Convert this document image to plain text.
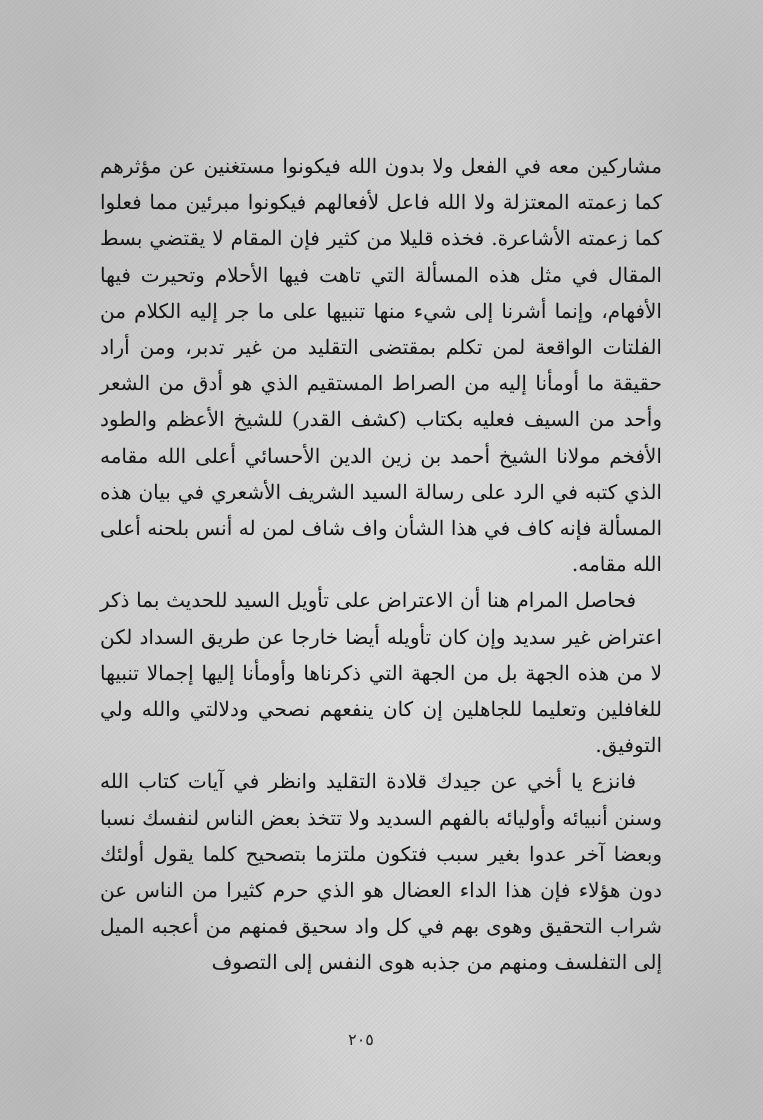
مشاركين معه في الفعل ولا بدون الله فيكونوا مستغنين عن مؤثرهم كما زعمته المعتزلة ولا الله فاعل لأفعالهم فيكونوا مبرئين مما فعلوا كما زعمته الأشاعرة. فخذه قليلا من كثير فإن المقام لا يقتضي بسط المقال في مثل هذه المسألة التي تاهت فيها الأحلام وتحيرت فيها الأفهام، وإنما أشرنا إلى شيء منها تنبيها على ما جر إليه الكلام من الفلتات الواقعة لمن تكلم بمقتضى التقليد من غير تدبر، ومن أراد حقيقة ما أومأنا إليه من الصراط المستقيم الذي هو أدق من الشعر وأحد من السيف فعليه بكتاب (كشف القدر) للشيخ الأعظم والطود الأفخم مولانا الشيخ أحمد بن زين الدين الأحسائي أعلى الله مقامه الذي كتبه في الرد على رسالة السيد الشريف الأشعري في بيان هذه المسألة فإنه كاف في هذا الشأن واف شاف لمن له أنس بلحنه أعلى الله مقامه.

فحاصل المرام هنا أن الاعتراض على تأويل السيد للحديث بما ذكر اعتراض غير سديد وإن كان تأويله أيضا خارجا عن طريق السداد لكن لا من هذه الجهة بل من الجهة التي ذكرناها وأومأنا إليها إجمالا تنبيها للغافلين وتعليما للجاهلين إن كان ينفعهم نصحي ودلالتي والله ولي التوفيق.

فانزع يا أخي عن جيدك قلادة التقليد وانظر في آيات كتاب الله وسنن أنبيائه وأوليائه بالفهم السديد ولا تتخذ بعض الناس لنفسك نسبا وبعضا آخر عدوا بغير سبب فتكون ملتزما بتصحيح كلما يقول أولئك دون هؤلاء فإن هذا الداء العضال هو الذي حرم كثيرا من الناس عن شراب التحقيق وهوى بهم في كل واد سحيق فمنهم من أعجبه الميل إلى التفلسف ومنهم من جذبه هوى النفس إلى التصوف

٢٠٥
